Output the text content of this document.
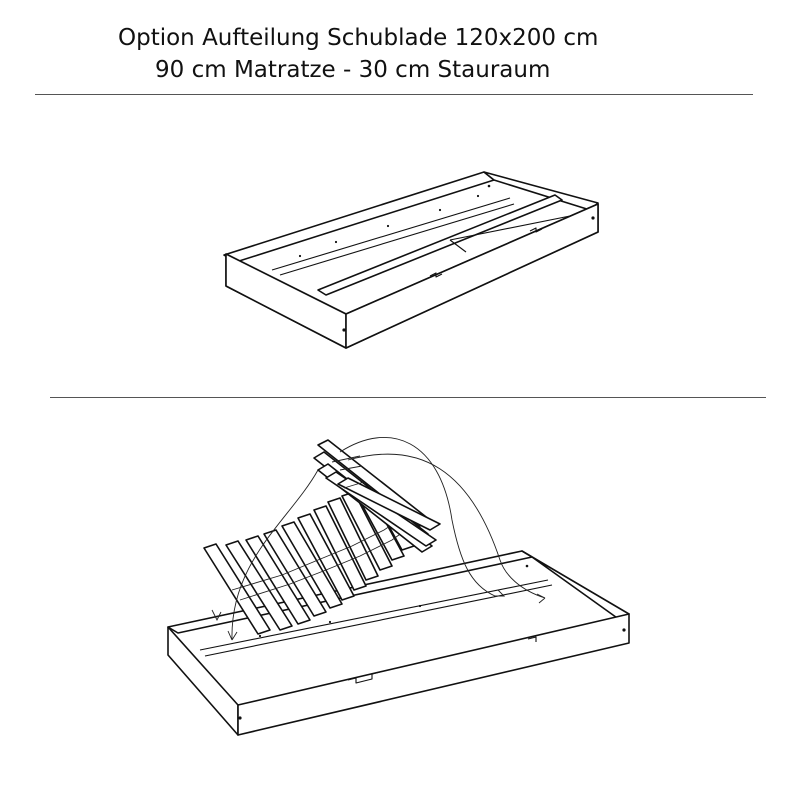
Option Aufteilung Schublade 120x200 cm
90 cm Matratze - 30 cm Stauraum
